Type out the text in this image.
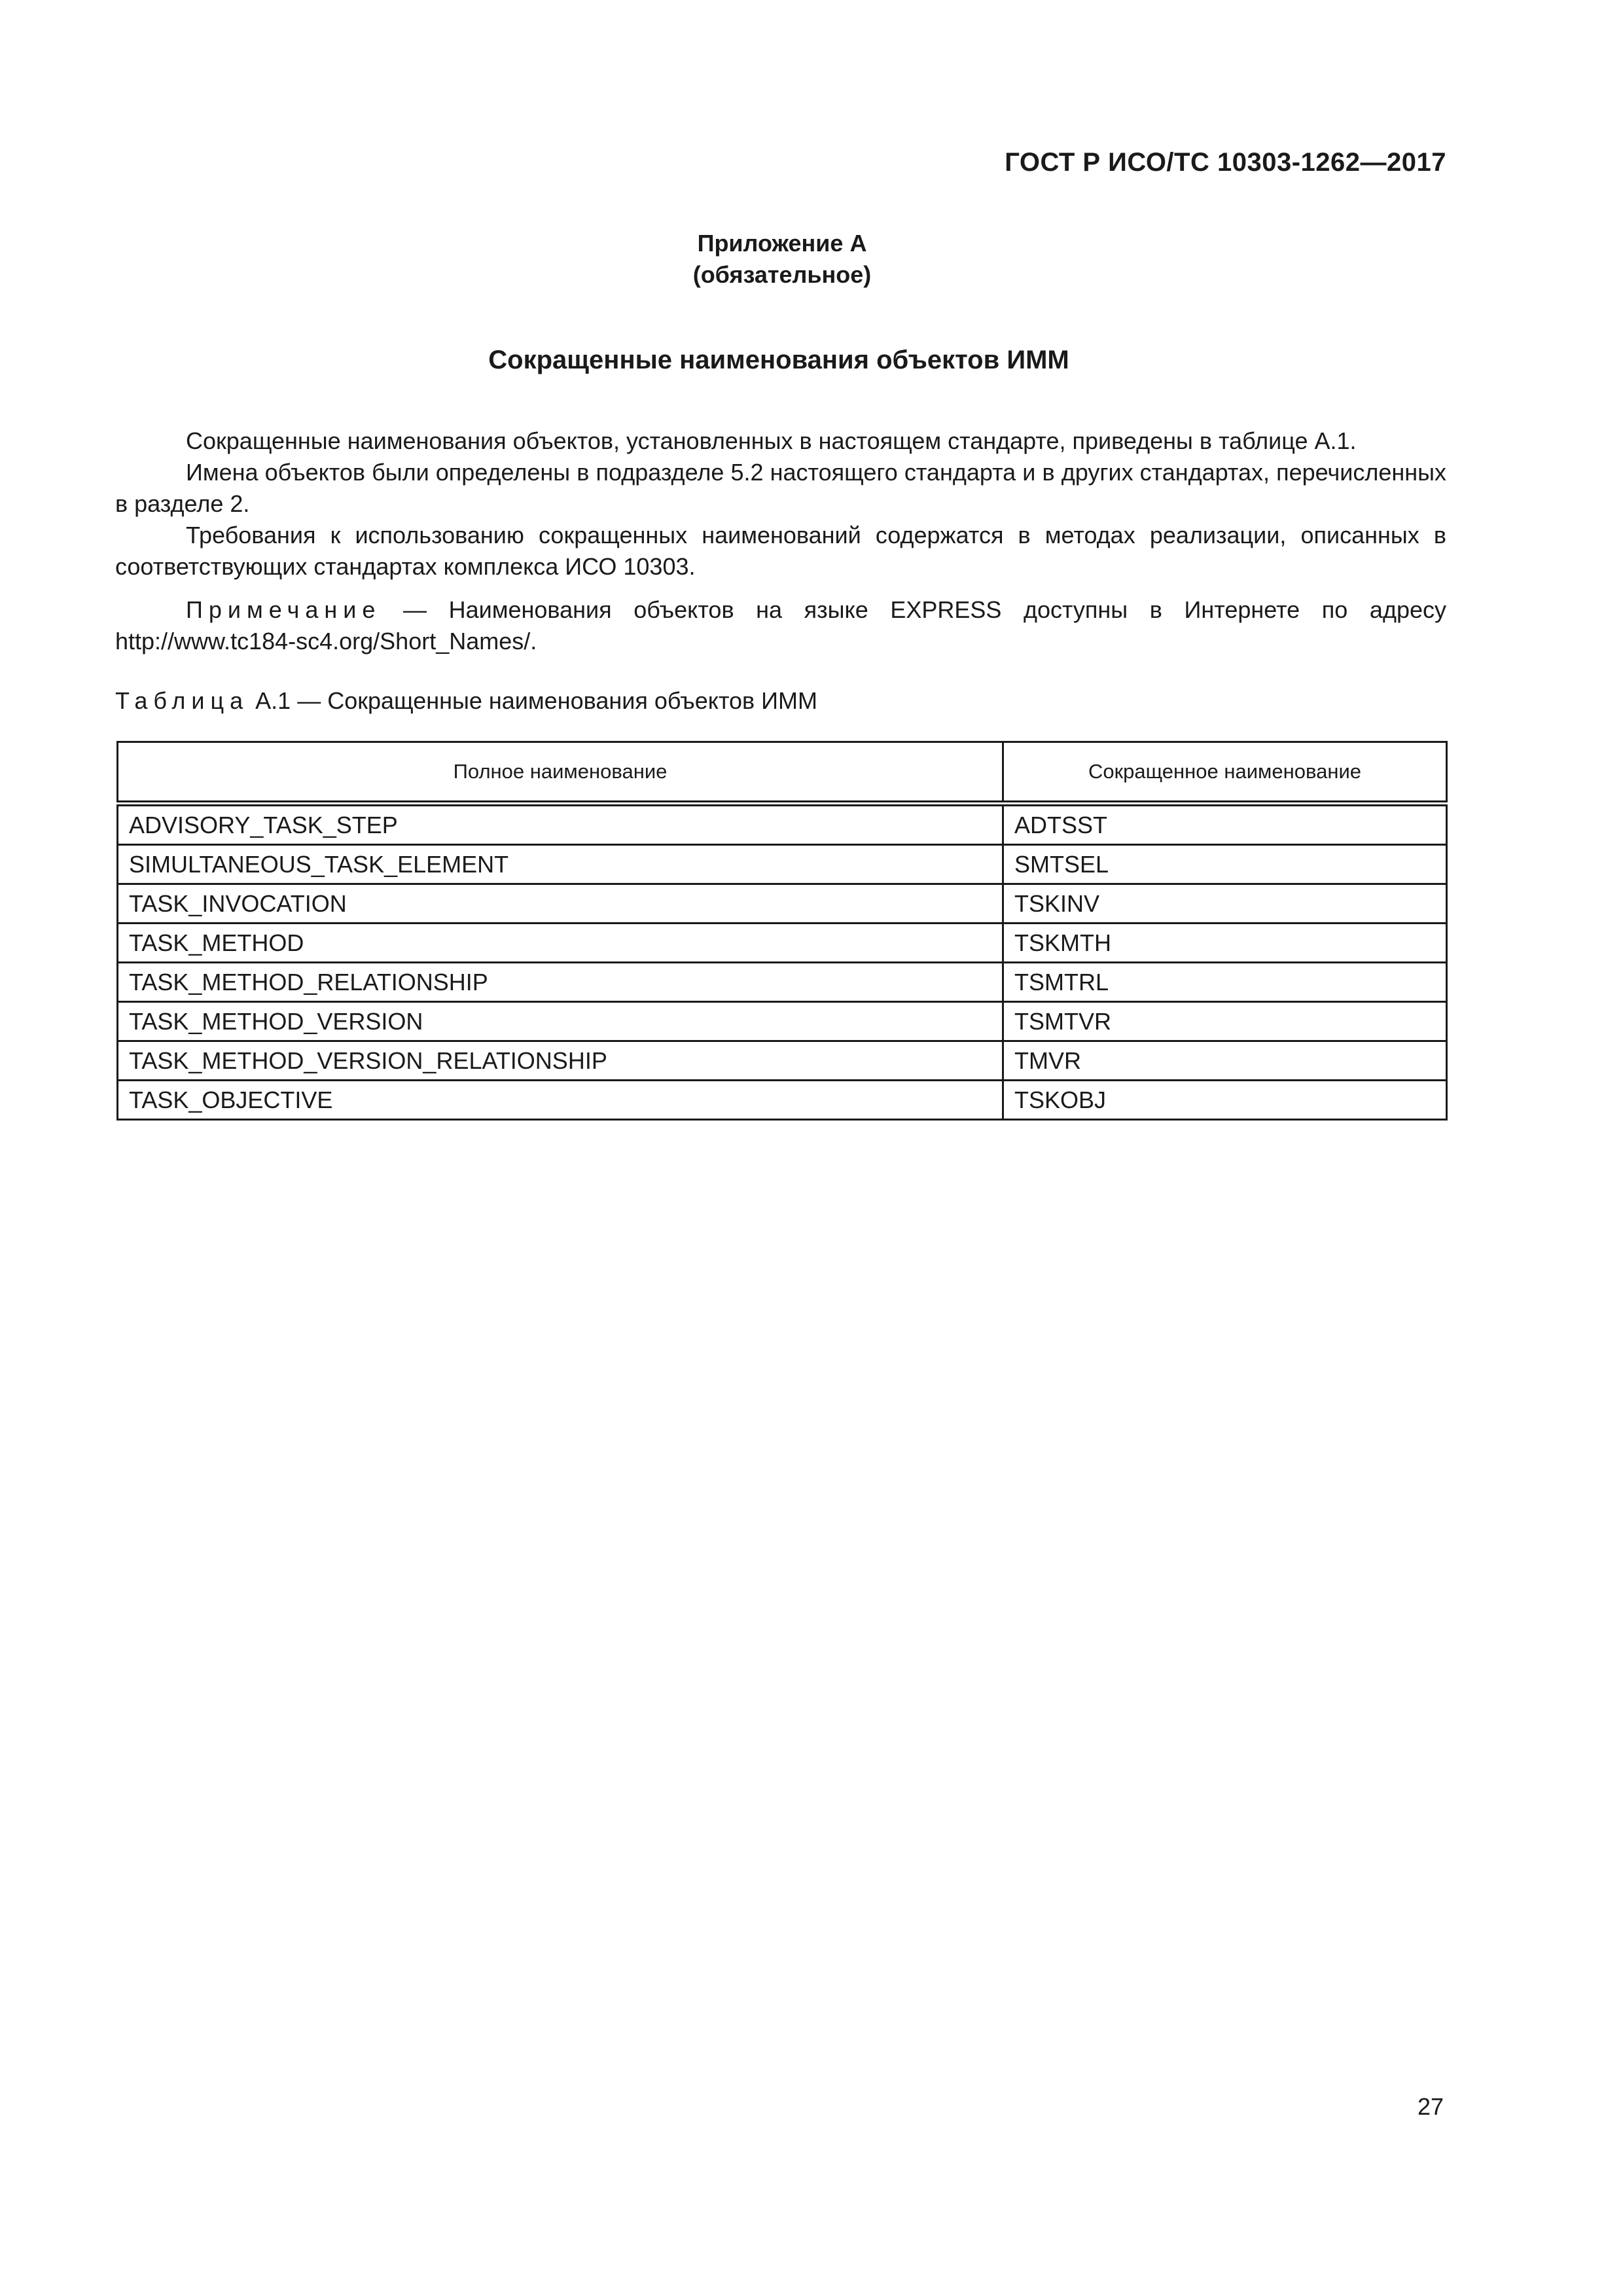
ГОСТ Р ИСО/ТС 10303-1262—2017
Приложение А
(обязательное)
Сокращенные наименования объектов ИММ

Сокращенные наименования объектов, установленных в настоящем стандарте, приведены в таблице А.1.

Имена объектов были определены в подразделе 5.2 настоящего стандарта и в других стандартах, перечисленных в разделе 2.

Требования к использованию сокращенных наименований содержатся в методах реализации, описанных в соответствующих стандартах комплекса ИСО 10303.

Примечание — Наименования объектов на языке EXPRESS доступны в Интернете по адресу http://www.tc184-sc4.org/Short_Names/.

Таблица А.1 — Сокращенные наименования объектов ИММ
Полное наименование	Сокращенное наименование
ADVISORY_TASK_STEP	ADTSST
SIMULTANEOUS_TASK_ELEMENT	SMTSEL
TASK_INVOCATION	TSKINV
TASK_METHOD	TSKMTH
TASK_METHOD_RELATIONSHIP	TSMTRL
TASK_METHOD_VERSION	TSMTVR
TASK_METHOD_VERSION_RELATIONSHIP	TMVR
TASK_OBJECTIVE	TSKOBJ
27
